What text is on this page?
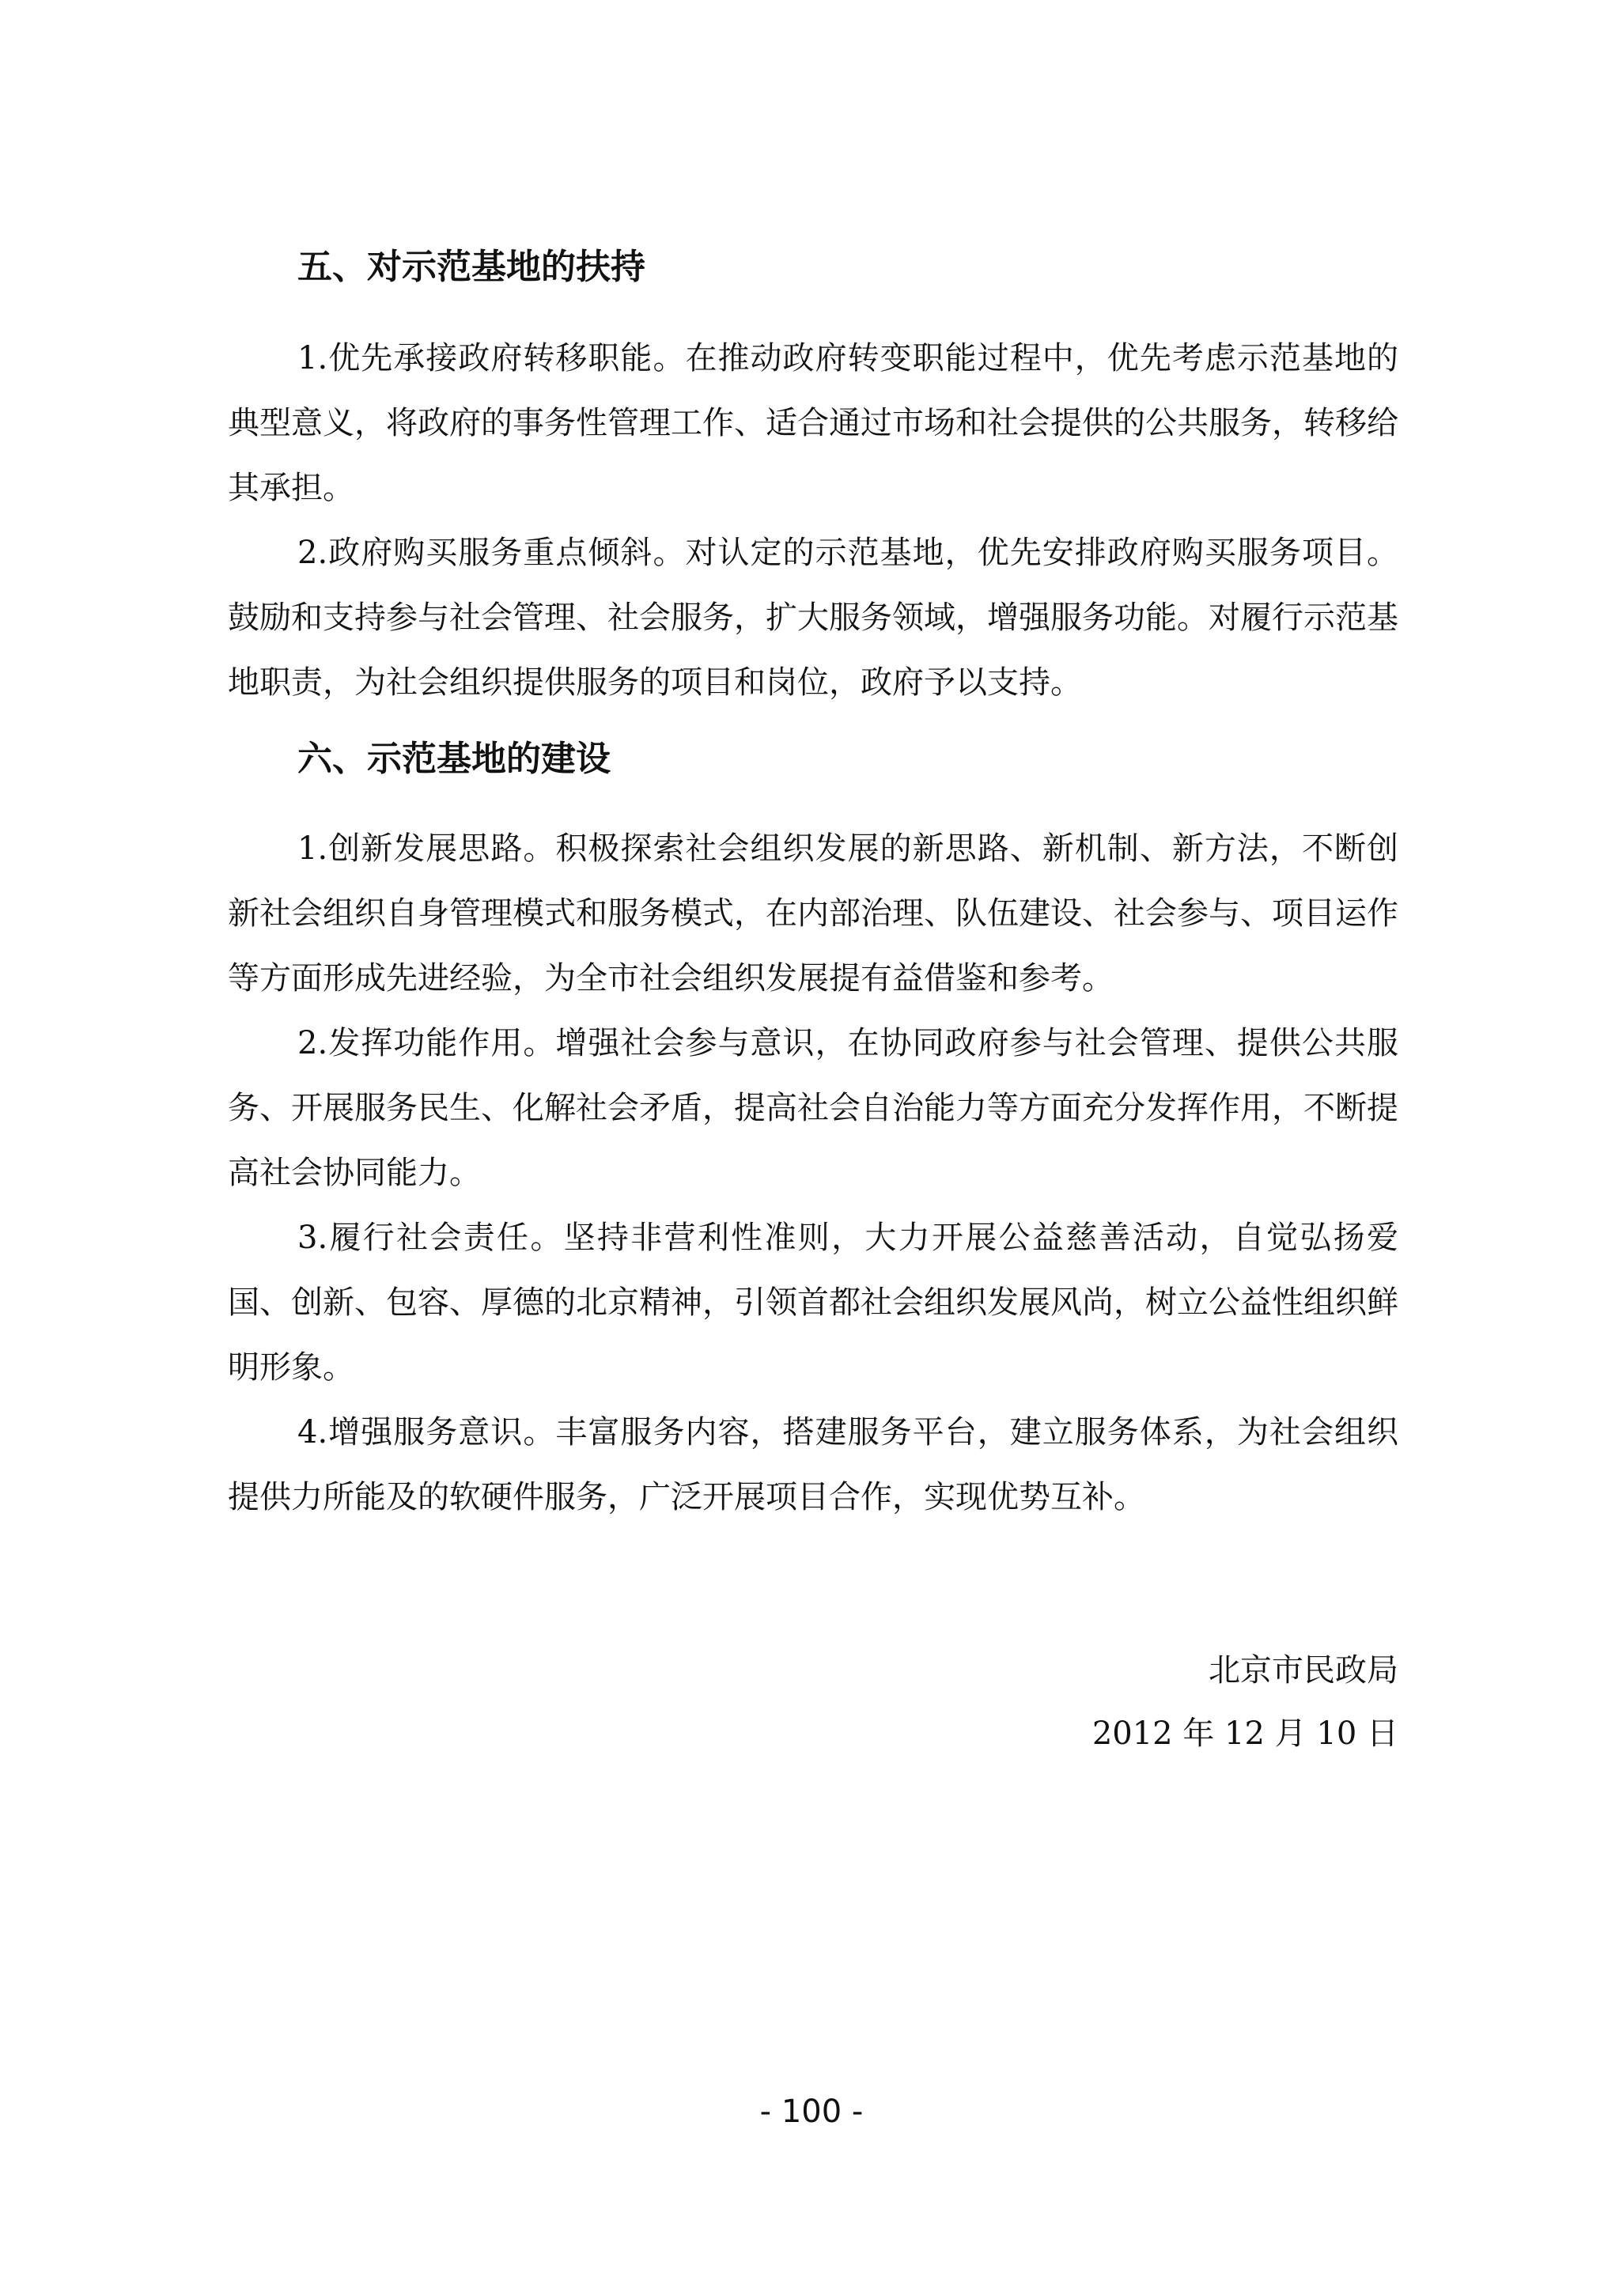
五、对示范基地的扶持

1.优先承接政府转移职能。在推动政府转变职能过程中，优先考虑示范基地的典型意义，将政府的事务性管理工作、适合通过市场和社会提供的公共服务，转移给其承担。

2.政府购买服务重点倾斜。对认定的示范基地，优先安排政府购买服务项目。鼓励和支持参与社会管理、社会服务，扩大服务领域，增强服务功能。对履行示范基地职责，为社会组织提供服务的项目和岗位，政府予以支持。

六、示范基地的建设

1.创新发展思路。积极探索社会组织发展的新思路、新机制、新方法，不断创新社会组织自身管理模式和服务模式，在内部治理、队伍建设、社会参与、项目运作等方面形成先进经验，为全市社会组织发展提有益借鉴和参考。

2.发挥功能作用。增强社会参与意识，在协同政府参与社会管理、提供公共服务、开展服务民生、化解社会矛盾，提高社会自治能力等方面充分发挥作用，不断提高社会协同能力。

3.履行社会责任。坚持非营利性准则，大力开展公益慈善活动，自觉弘扬爱国、创新、包容、厚德的北京精神，引领首都社会组织发展风尚，树立公益性组织鲜明形象。

4.增强服务意识。丰富服务内容，搭建服务平台，建立服务体系，为社会组织提供力所能及的软硬件服务，广泛开展项目合作，实现优势互补。

北京市民政局
2012 年 12 月 10 日
- 100 -
